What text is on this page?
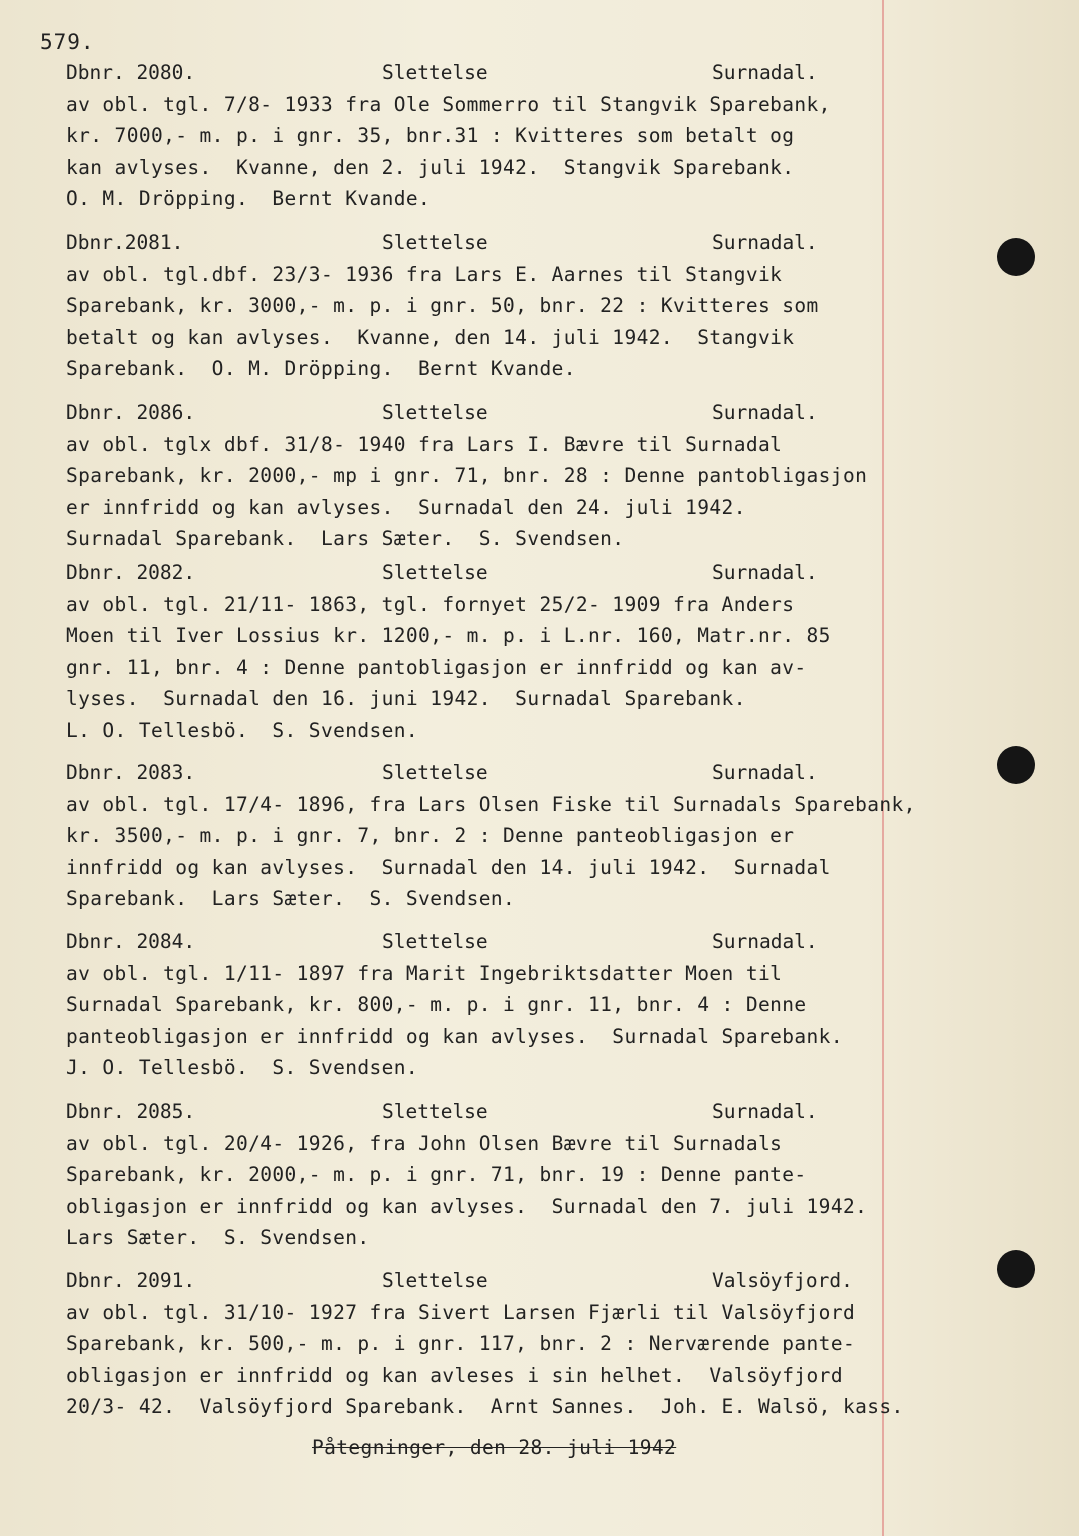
579.
Dbnr. 2080.	Slettelse	Surnadal.
av obl. tgl. 7/8- 1933 fra Ole Sommerro til Stangvik Sparebank,
kr. 7000,- m. p. i gnr. 35, bnr.31 : Kvitteres som betalt og
kan avlyses.  Kvanne, den 2. juli 1942.  Stangvik Sparebank.
O. M. Dröpping.  Bernt Kvande.
Dbnr.2081.	Slettelse	Surnadal.
av obl. tgl.dbf. 23/3- 1936 fra Lars E. Aarnes til Stangvik
Sparebank, kr. 3000,- m. p. i gnr. 50, bnr. 22 : Kvitteres som
betalt og kan avlyses.  Kvanne, den 14. juli 1942.  Stangvik
Sparebank.  O. M. Dröpping.  Bernt Kvande.
Dbnr. 2086.	Slettelse	Surnadal.
av obl. tglx dbf. 31/8- 1940 fra Lars I. Bævre til Surnadal
Sparebank, kr. 2000,- mp i gnr. 71, bnr. 28 : Denne pantobligasjon
er innfridd og kan avlyses.  Surnadal den 24. juli 1942.
Surnadal Sparebank.  Lars Sæter.  S. Svendsen.
Dbnr. 2082.	Slettelse	Surnadal.
av obl. tgl. 21/11- 1863, tgl. fornyet 25/2- 1909 fra Anders
Moen til Iver Lossius kr. 1200,- m. p. i L.nr. 160, Matr.nr. 85
gnr. 11, bnr. 4 : Denne pantobligasjon er innfridd og kan av-
lyses.  Surnadal den 16. juni 1942.  Surnadal Sparebank.
L. O. Tellesbö.  S. Svendsen.
Dbnr. 2083.	Slettelse	Surnadal.
av obl. tgl. 17/4- 1896, fra Lars Olsen Fiske til Surnadals Sparebank,
kr. 3500,- m. p. i gnr. 7, bnr. 2 : Denne panteobligasjon er
innfridd og kan avlyses.  Surnadal den 14. juli 1942.  Surnadal
Sparebank.  Lars Sæter.  S. Svendsen.
Dbnr. 2084.	Slettelse	Surnadal.
av obl. tgl. 1/11- 1897 fra Marit Ingebriktsdatter Moen til
Surnadal Sparebank, kr. 800,- m. p. i gnr. 11, bnr. 4 : Denne
panteobligasjon er innfridd og kan avlyses.  Surnadal Sparebank.
J. O. Tellesbö.  S. Svendsen.
Dbnr. 2085.	Slettelse	Surnadal.
av obl. tgl. 20/4- 1926, fra John Olsen Bævre til Surnadals
Sparebank, kr. 2000,- m. p. i gnr. 71, bnr. 19 : Denne pante-
obligasjon er innfridd og kan avlyses.  Surnadal den 7. juli 1942.
Lars Sæter.  S. Svendsen.
Dbnr. 2091.	Slettelse	Valsöyfjord.
av obl. tgl. 31/10- 1927 fra Sivert Larsen Fjærli til Valsöyfjord
Sparebank, kr. 500,- m. p. i gnr. 117, bnr. 2 : Nerværende pante-
obligasjon er innfridd og kan avleses i sin helhet.  Valsöyfjord
20/3- 42.  Valsöyfjord Sparebank.  Arnt Sannes.  Joh. E. Walsö, kass.
Påtegninger, den 28. juli 1942
